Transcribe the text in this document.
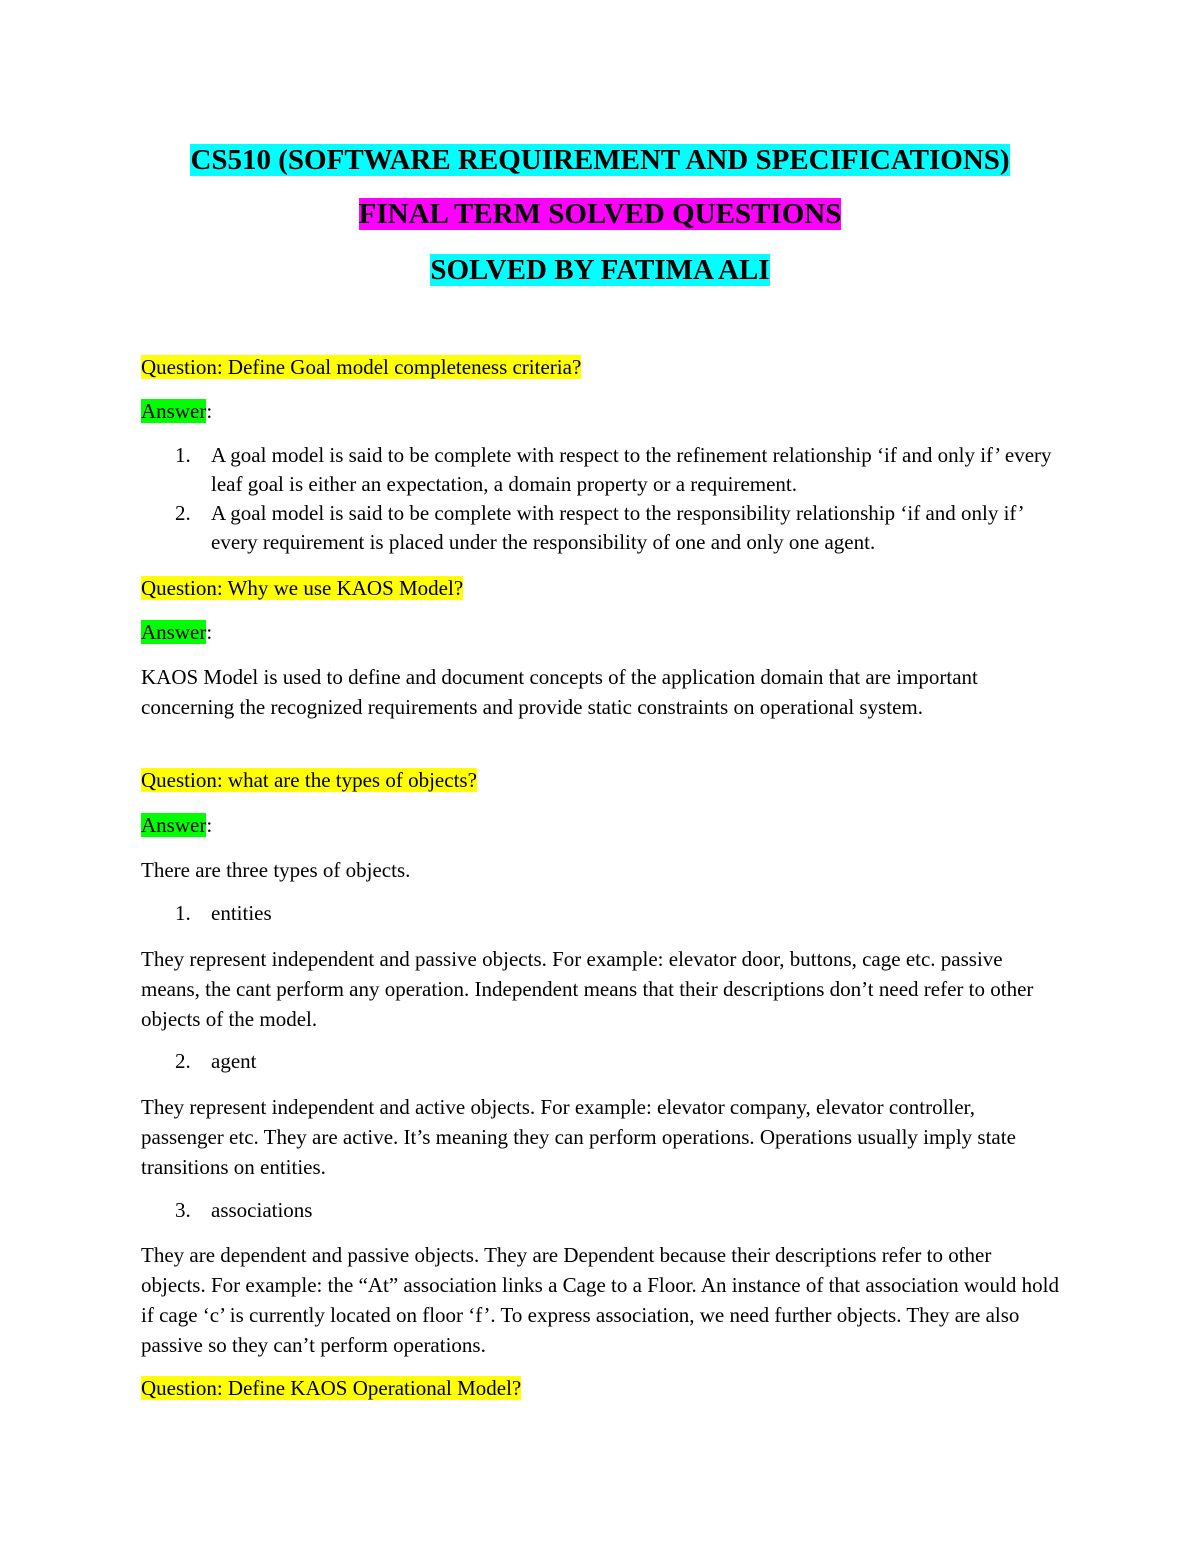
CS510 (SOFTWARE REQUIREMENT AND SPECIFICATIONS)
FINAL TERM SOLVED QUESTIONS
SOLVED BY FATIMA ALI
Question: Define Goal model completeness criteria?
Answer:
1. A goal model is said to be complete with respect to the refinement relationship ‘if and only if’ every leaf goal is either an expectation, a domain property or a requirement.
2. A goal model is said to be complete with respect to the responsibility relationship ‘if and only if’ every requirement is placed under the responsibility of one and only one agent.
Question: Why we use KAOS Model?
Answer:
KAOS Model is used to define and document concepts of the application domain that are important concerning the recognized requirements and provide static constraints on operational system.
Question: what are the types of objects?
Answer:
There are three types of objects.
1. entities
They represent independent and passive objects. For example: elevator door, buttons, cage etc. passive means, the cant perform any operation. Independent means that their descriptions don’t need refer to other objects of the model.
2. agent
They represent independent and active objects. For example: elevator company, elevator controller, passenger etc. They are active. It’s meaning they can perform operations. Operations usually imply state transitions on entities.
3. associations
They are dependent and passive objects. They are Dependent because their descriptions refer to other objects. For example: the “At” association links a Cage to a Floor. An instance of that association would hold if cage ‘c’ is currently located on floor ‘f’. To express association, we need further objects. They are also passive so they can’t perform operations.
Question: Define KAOS Operational Model?
